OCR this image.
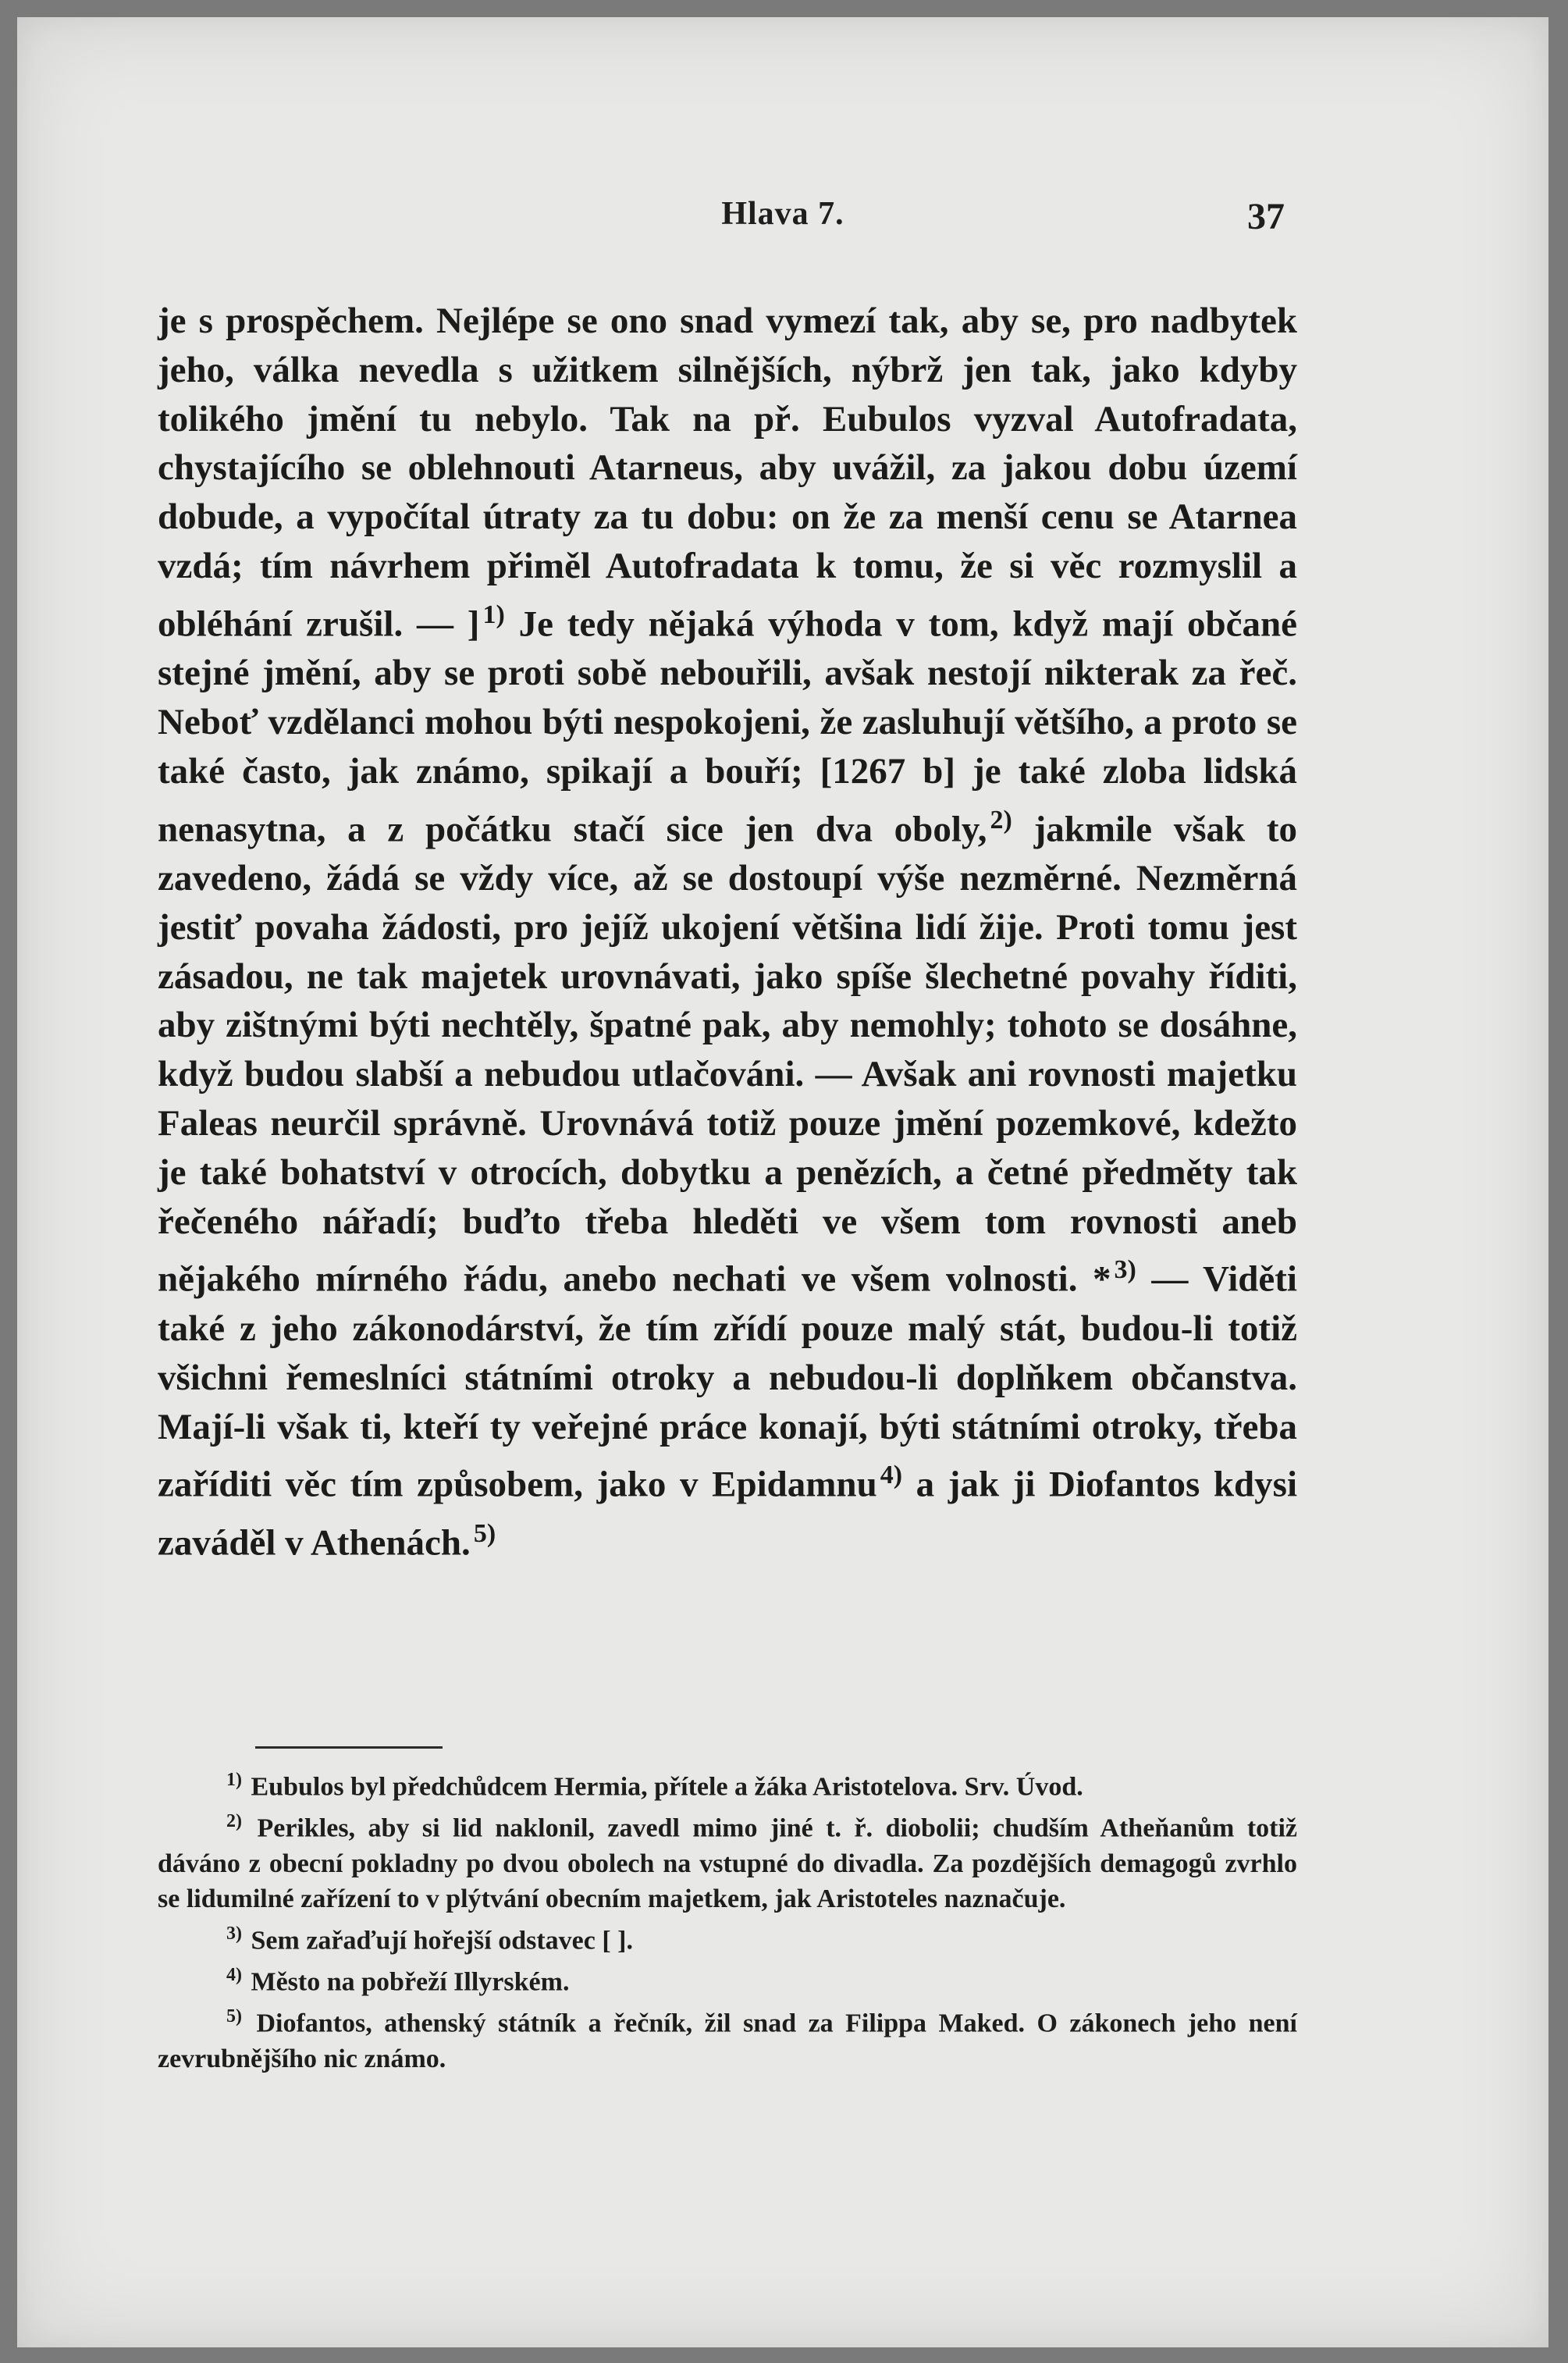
Hlava 7.	37

je s prospěchem. Nejlépe se ono snad vymezí tak, aby se, pro nadbytek jeho, válka nevedla s užitkem silnějších, nýbrž jen tak, jako kdyby tolikého jmění tu nebylo. Tak na př. Eubulos vyzval Autofradata, chystajícího se oblehnouti Atarneus, aby uvážil, za jakou dobu území dobude, a vypočítal útraty za tu dobu: on že za menší cenu se Atarnea vzdá; tím návrhem přiměl Autofradata k tomu, že si věc rozmyslil a obléhání zrušil. — ] $^{1)}$ Je tedy nějaká výhoda v tom, když mají občané stejné jmění, aby se proti sobě nebouřili, avšak nestojí nikterak za řeč. Neboť vzdělanci mohou býti nespokojeni, že zasluhují většího, a proto se také často, jak známo, spikají a bouří; [1267 b] je také zloba lidská nenasytna, a z počátku stačí sice jen dva oboly, $^{2)}$ jakmile však to zavedeno, žádá se vždy více, až se dostoupí výše nezměrné. Nezměrná jestiť povaha žádosti, pro jejíž ukojení většina lidí žije. Proti tomu jest zásadou, ne tak majetek urovnávati, jako spíše šlechetné povahy říditi, aby zištnými býti nechtěly, špatné pak, aby nemohly; tohoto se dosáhne, když budou slabší a nebudou utlačováni. — Avšak ani rovnosti majetku Faleas neurčil správně. Urovnává totiž pouze jmění pozemkové, kdežto je také bohatství v otrocích, dobytku a penězích, a četné předměty tak řečeného nářadí; buďto třeba hleděti ve všem tom rovnosti aneb nějakého mírného řádu, anebo nechati ve všem volnosti. * $^{3)}$ — Viděti také z jeho zákonodárství, že tím zřídí pouze malý stát, budou-li totiž všichni řemeslníci státními otroky a nebudou-li doplňkem občanstva. Mají-li však ti, kteří ty veřejné práce konají, býti státními otroky, třeba zaříditi věc tím způsobem, jako v Epidamnu $^{4)}$ a jak ji Diofantos kdysi zaváděl v Athenách. $^{5)}$

$^{1)}$ Eubulos byl předchůdcem Hermia, přítele a žáka Aristotelova. Srv. Úvod.

$^{2)}$ Perikles, aby si lid naklonil, zavedl mimo jiné t. ř. diobolii; chudším Atheňanům totiž dáváno z obecní pokladny po dvou obolech na vstupné do divadla. Za pozdějších demagogů zvrhlo se lidumilné zařízení to v plýtvání obecním majetkem, jak Aristoteles naznačuje.

$^{3)}$ Sem zařaďují hořejší odstavec [ ].

$^{4)}$ Město na pobřeží Illyrském.

$^{5)}$ Diofantos, athenský státník a řečník, žil snad za Filippa Maked. O zákonech jeho není zevrubnějšího nic známo.
